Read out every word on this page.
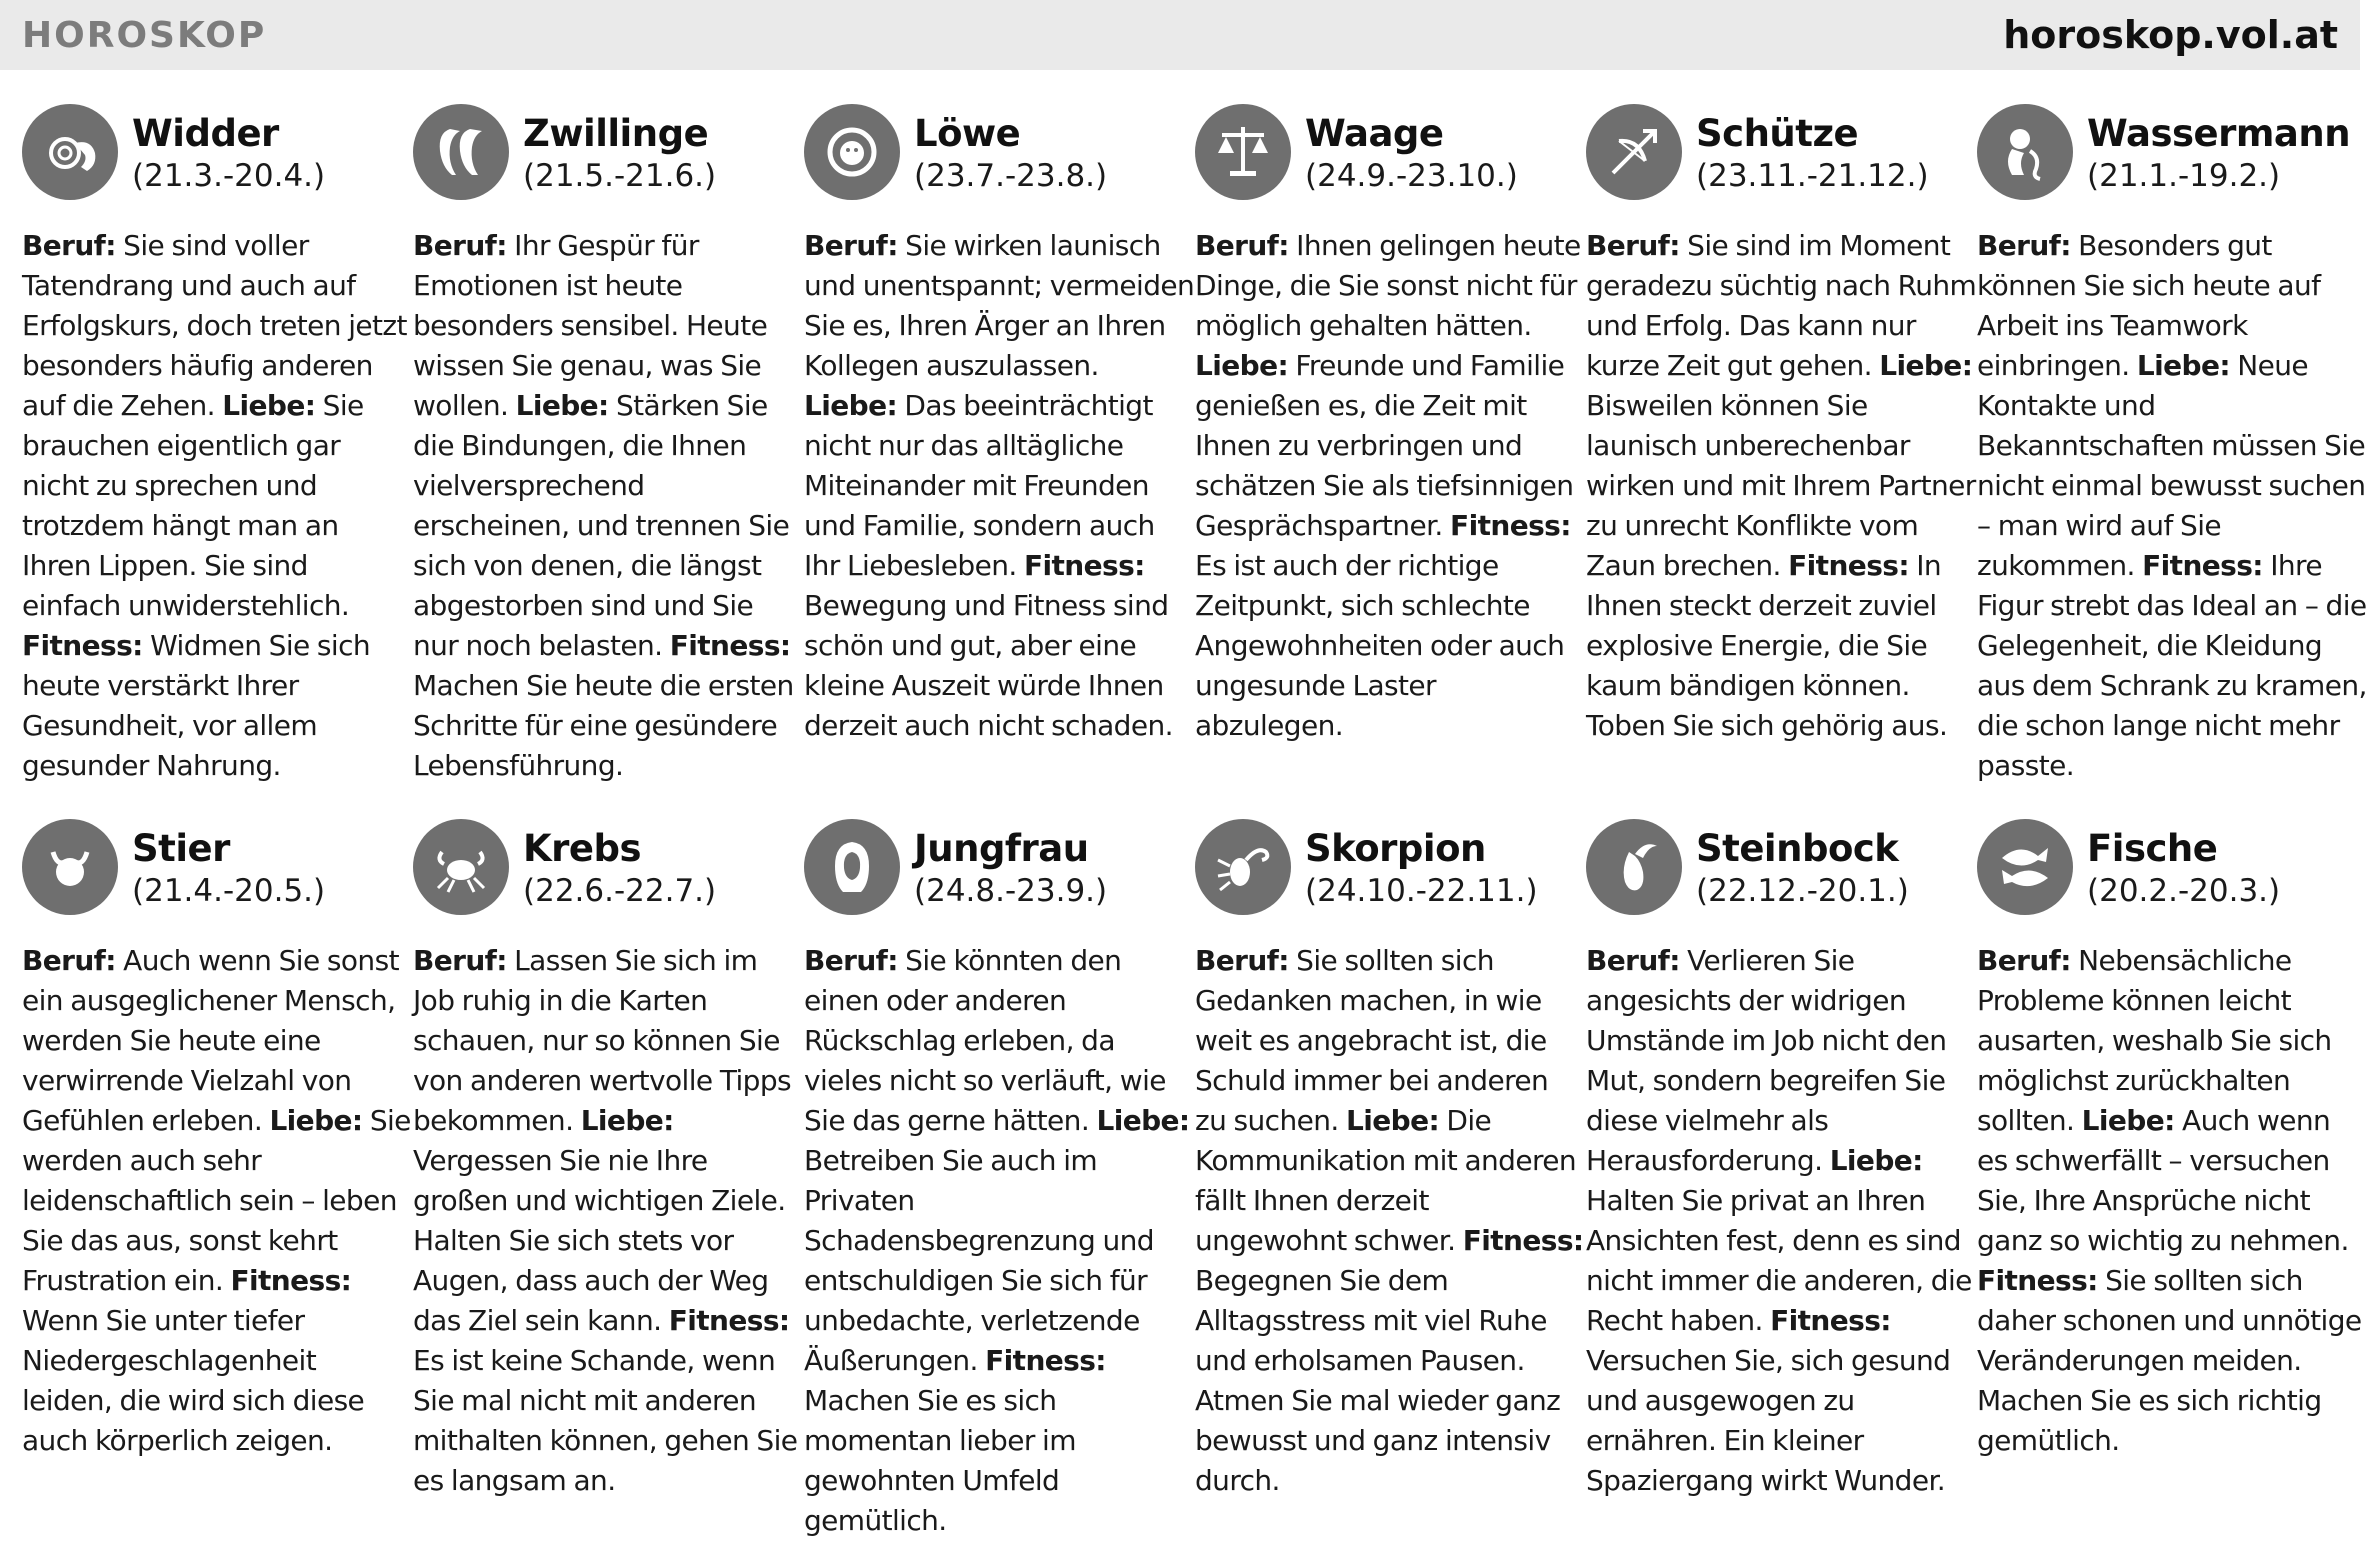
HOROSKOP	horoskop.vol.at
Widder
(21.3.-20.4.)
Beruf: Sie sind voller Tatendrang und auch auf Erfolgskurs, doch treten jetzt besonders häufig anderen auf die Zehen. Liebe: Sie brauchen eigentlich gar nicht zu sprechen und trotzdem hängt man an Ihren Lippen. Sie sind einfach unwiderstehlich. Fitness: Widmen Sie sich heute verstärkt Ihrer Gesundheit, vor allem gesunder Nahrung.
Zwillinge
(21.5.-21.6.)
Beruf: Ihr Gespür für Emotionen ist heute besonders sensibel. Heute wissen Sie genau, was Sie wollen. Liebe: Stärken Sie die Bindungen, die Ihnen vielversprechend erscheinen, und trennen Sie sich von denen, die längst abgestorben sind und Sie nur noch belasten. Fitness: Machen Sie heute die ersten Schritte für eine gesündere Lebensführung.
Löwe
(23.7.-23.8.)
Beruf: Sie wirken launisch und unentspannt; vermeiden Sie es, Ihren Ärger an Ihren Kollegen auszulassen. Liebe: Das beeinträchtigt nicht nur das alltägliche Miteinander mit Freunden und Familie, sondern auch Ihr Liebesleben. Fitness: Bewegung und Fitness sind schön und gut, aber eine kleine Auszeit würde Ihnen derzeit auch nicht schaden.
Waage
(24.9.-23.10.)
Beruf: Ihnen gelingen heute Dinge, die Sie sonst nicht für möglich gehalten hätten. Liebe: Freunde und Familie genießen es, die Zeit mit Ihnen zu verbringen und schätzen Sie als tiefsinnigen Gesprächspartner. Fitness: Es ist auch der richtige Zeitpunkt, sich schlechte Angewohnheiten oder auch ungesunde Laster abzulegen.
Schütze
(23.11.-21.12.)
Beruf: Sie sind im Moment geradezu süchtig nach Ruhm und Erfolg. Das kann nur kurze Zeit gut gehen. Liebe: Bisweilen können Sie launisch unberechenbar wirken und mit Ihrem Partner zu unrecht Konflikte vom Zaun brechen. Fitness: In Ihnen steckt derzeit zuviel explosive Energie, die Sie kaum bändigen können. Toben Sie sich gehörig aus.
Wassermann
(21.1.-19.2.)
Beruf: Besonders gut können Sie sich heute auf Arbeit ins Teamwork einbringen. Liebe: Neue Kontakte und Bekanntschaften müssen Sie nicht einmal bewusst suchen – man wird auf Sie zukommen. Fitness: Ihre Figur strebt das Ideal an – die Gelegenheit, die Kleidung aus dem Schrank zu kramen, die schon lange nicht mehr passte.
Stier
(21.4.-20.5.)
Beruf: Auch wenn Sie sonst ein ausgeglichener Mensch, werden Sie heute eine verwirrende Vielzahl von Gefühlen erleben. Liebe: Sie werden auch sehr leidenschaftlich sein – leben Sie das aus, sonst kehrt Frustration ein. Fitness: Wenn Sie unter tiefer Niedergeschlagenheit leiden, die wird sich diese auch körperlich zeigen.
Krebs
(22.6.-22.7.)
Beruf: Lassen Sie sich im Job ruhig in die Karten schauen, nur so können Sie von anderen wertvolle Tipps bekommen. Liebe: Vergessen Sie nie Ihre großen und wichtigen Ziele. Halten Sie sich stets vor Augen, dass auch der Weg das Ziel sein kann. Fitness: Es ist keine Schande, wenn Sie mal nicht mit anderen mithalten können, gehen Sie es langsam an.
Jungfrau
(24.8.-23.9.)
Beruf: Sie könnten den einen oder anderen Rückschlag erleben, da vieles nicht so verläuft, wie Sie das gerne hätten. Liebe: Betreiben Sie auch im Privaten Schadensbegrenzung und entschuldigen Sie sich für unbedachte, verletzende Äußerungen. Fitness: Machen Sie es sich momentan lieber im gewohnten Umfeld gemütlich.
Skorpion
(24.10.-22.11.)
Beruf: Sie sollten sich Gedanken machen, in wie weit es angebracht ist, die Schuld immer bei anderen zu suchen. Liebe: Die Kommunikation mit anderen fällt Ihnen derzeit ungewohnt schwer. Fitness: Begegnen Sie dem Alltagsstress mit viel Ruhe und erholsamen Pausen. Atmen Sie mal wieder ganz bewusst und ganz intensiv durch.
Steinbock
(22.12.-20.1.)
Beruf: Verlieren Sie angesichts der widrigen Umstände im Job nicht den Mut, sondern begreifen Sie diese vielmehr als Herausforderung. Liebe: Halten Sie privat an Ihren Ansichten fest, denn es sind nicht immer die anderen, die Recht haben. Fitness: Versuchen Sie, sich gesund und ausgewogen zu ernähren. Ein kleiner Spaziergang wirkt Wunder.
Fische
(20.2.-20.3.)
Beruf: Nebensächliche Probleme können leicht ausarten, weshalb Sie sich möglichst zurückhalten sollten. Liebe: Auch wenn es schwerfällt – versuchen Sie, Ihre Ansprüche nicht ganz so wichtig zu nehmen. Fitness: Sie sollten sich daher schonen und unnötige Veränderungen meiden. Machen Sie es sich richtig gemütlich.
